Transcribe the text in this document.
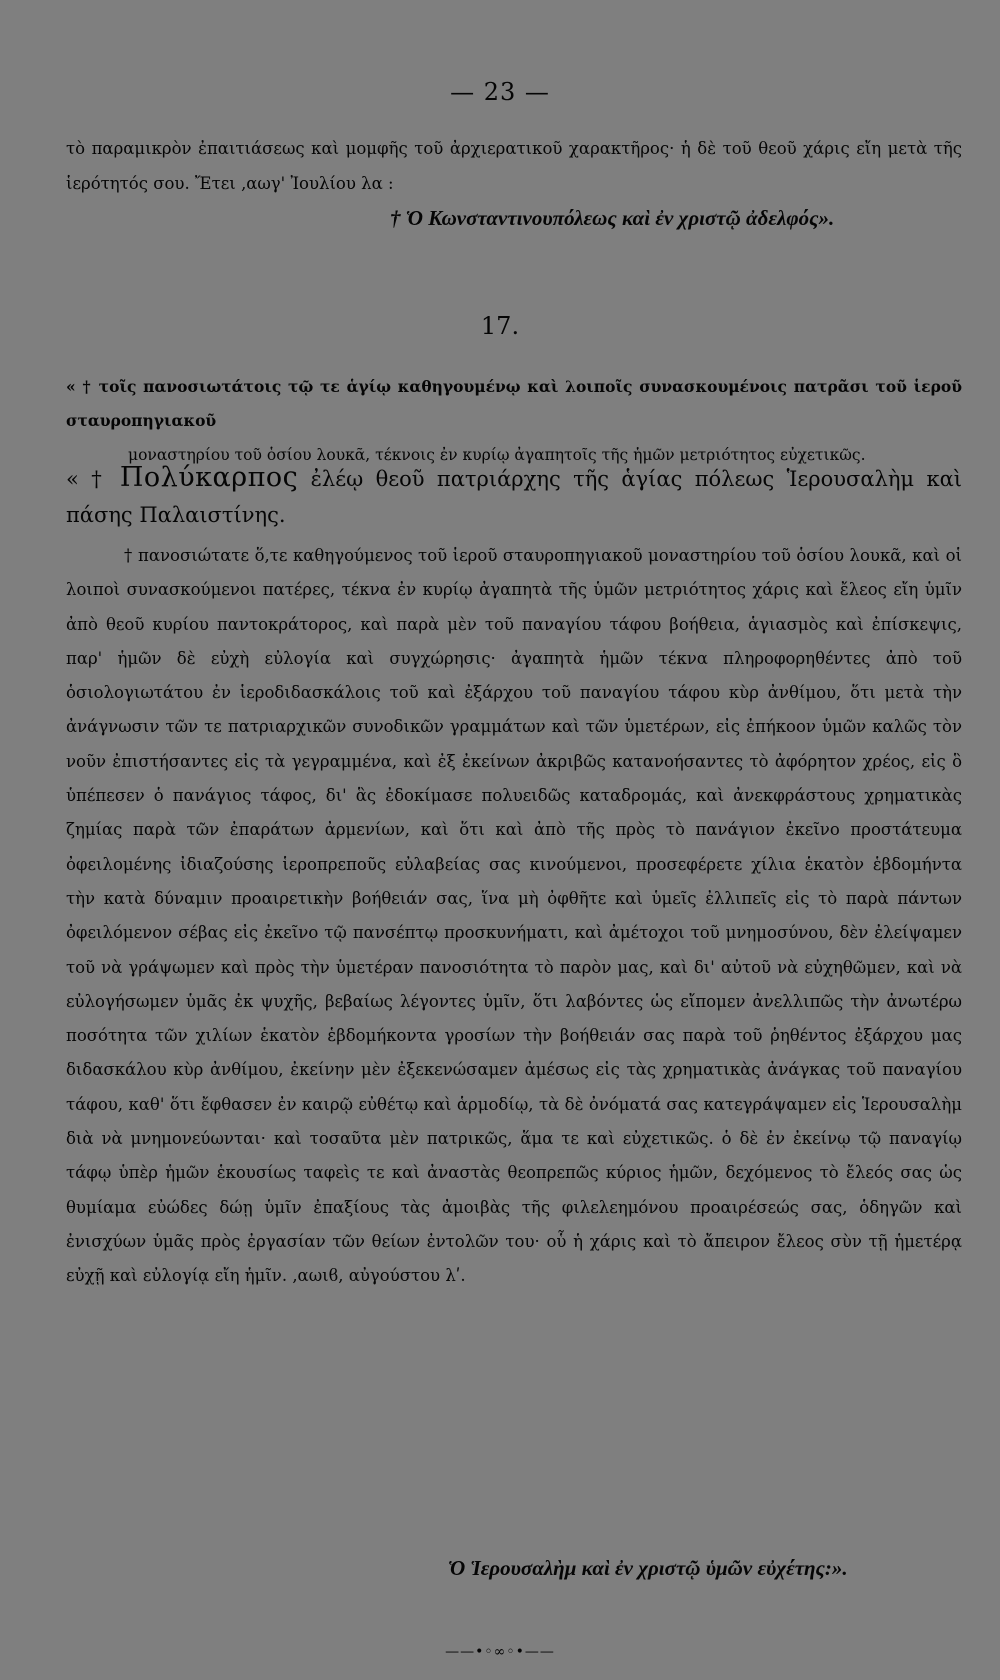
— 23 —

τὸ παραμικρὸν ἐπαιτιάσεως καὶ μομφῆς τοῦ ἀρχιερατικοῦ χαρακτῆρος· ἡ δὲ τοῦ θεοῦ χάρις εἴη μετὰ τῆς ἱερότητός σου. Ἔτει ‚αωγ' Ἰουλίου λα :

† Ὁ Κωνσταντινουπόλεως καὶ ἐν χριστῷ ἀδελφός».
17.
« † τοῖς πανοσιωτάτοις τῷ τε ἁγίῳ καθηγουμένῳ καὶ λοιποῖς συνασκουμένοις πατρᾶσι τοῦ ἱεροῦ σταυροπηγιακοῦ
μοναστηρίου τοῦ ὁσίου λουκᾶ, τέκνοις ἐν κυρίῳ ἀγαπητοῖς τῆς ἡμῶν μετριότητος εὐχετικῶς.
« † Πολύκαρπος ἐλέῳ θεοῦ πατριάρχης τῆς ἁγίας πόλεως Ἱερουσαλὴμ καὶ πάσης Παλαιστίνης.

† πανοσιώτατε ὅ,τε καθηγούμενος τοῦ ἱεροῦ σταυροπηγιακοῦ μοναστηρίου τοῦ ὁσίου λουκᾶ, καὶ οἱ λοιποὶ συνασκούμενοι πατέρες, τέκνα ἐν κυρίῳ ἀγαπητὰ τῆς ὑμῶν μετριότητος χάρις καὶ ἔλεος εἴη ὑμῖν ἀπὸ θεοῦ κυρίου παντοκράτορος, καὶ παρὰ μὲν τοῦ παναγίου τάφου βοήθεια, ἁγιασμὸς καὶ ἐπίσκεψις, παρ' ἡμῶν δὲ εὐχὴ εὐλογία καὶ συγχώρησις· ἀγαπητὰ ἡμῶν τέκνα πληροφορηθέντες ἀπὸ τοῦ ὁσιολογιωτάτου ἐν ἱεροδιδασκάλοις τοῦ καὶ ἐξάρχου τοῦ παναγίου τάφου κὺρ ἀνθίμου, ὅτι μετὰ τὴν ἀνάγνωσιν τῶν τε πατριαρχικῶν συνοδικῶν γραμμάτων καὶ τῶν ὑμετέρων, εἰς ἐπήκοον ὑμῶν καλῶς τὸν νοῦν ἐπιστήσαντες εἰς τὰ γεγραμμένα, καὶ ἐξ ἐκείνων ἀκριβῶς κατανοήσαντες τὸ ἀφόρητον χρέος, εἰς ὃ ὑπέπεσεν ὁ πανάγιος τάφος, δι' ἃς ἐδοκίμασε πολυειδῶς καταδρομάς, καὶ ἀνεκφράστους χρηματικὰς ζημίας παρὰ τῶν ἐπαράτων ἀρμενίων, καὶ ὅτι καὶ ἀπὸ τῆς πρὸς τὸ πανάγιον ἐκεῖνο προστάτευμα ὀφειλομένης ἰδιαζούσης ἱεροπρεποῦς εὐλαβείας σας κινούμενοι, προσεφέρετε χίλια ἑκατὸν ἑβδομήντα τὴν κατὰ δύναμιν προαιρετικὴν βοήθειάν σας, ἵνα μὴ ὀφθῆτε καὶ ὑμεῖς ἐλλιπεῖς εἰς τὸ παρὰ πάντων ὀφειλόμενον σέβας εἰς ἐκεῖνο τῷ πανσέπτῳ προσκυνήματι, καὶ ἀμέτοχοι τοῦ μνημοσύνου, δὲν ἐλείψαμεν τοῦ νὰ γράψωμεν καὶ πρὸς τὴν ὑμετέραν πανοσιότητα τὸ παρὸν μας, καὶ δι' αὐτοῦ νὰ εὐχηθῶμεν, καὶ νὰ εὐλογήσωμεν ὑμᾶς ἐκ ψυχῆς, βεβαίως λέγοντες ὑμῖν, ὅτι λαβόντες ὡς εἴπομεν ἀνελλιπῶς τὴν ἀνωτέρω ποσότητα τῶν χιλίων ἑκατὸν ἑβδομήκοντα γροσίων τὴν βοήθειάν σας παρὰ τοῦ ῥηθέντος ἐξάρχου μας διδασκάλου κὺρ ἀνθίμου, ἐκείνην μὲν ἐξεκενώσαμεν ἀμέσως εἰς τὰς χρηματικὰς ἀνάγκας τοῦ παναγίου τάφου, καθ' ὅτι ἔφθασεν ἐν καιρῷ εὐθέτῳ καὶ ἁρμοδίῳ, τὰ δὲ ὀνόματά σας κατεγράψαμεν εἰς Ἱερουσαλὴμ διὰ νὰ μνημονεύωνται· καὶ τοσαῦτα μὲν πατρικῶς, ἅμα τε καὶ εὐχετικῶς. ὁ δὲ ἐν ἐκείνῳ τῷ παναγίῳ τάφῳ ὑπὲρ ἡμῶν ἑκουσίως ταφεὶς τε καὶ ἀναστὰς θεοπρεπῶς κύριος ἡμῶν, δεχόμενος τὸ ἔλεός σας ὡς θυμίαμα εὐώδες δώῃ ὑμῖν ἐπαξίους τὰς ἀμοιβὰς τῆς φιλελεημόνου προαιρέσεώς σας, ὁδηγῶν καὶ ἐνισχύων ὑμᾶς πρὸς ἐργασίαν τῶν θείων ἐντολῶν του· οὗ ἡ χάρις καὶ τὸ ἄπειρον ἔλεος σὺν τῇ ἡμετέρᾳ εὐχῇ καὶ εὐλογίᾳ εἴη ἡμῖν. ‚αωιϐ, αὐγούστου λʹ.

Ὁ Ἱερουσαλὴμ καὶ ἐν χριστῷ ὑμῶν εὐχέτης:».
——•◦∞◦•——
